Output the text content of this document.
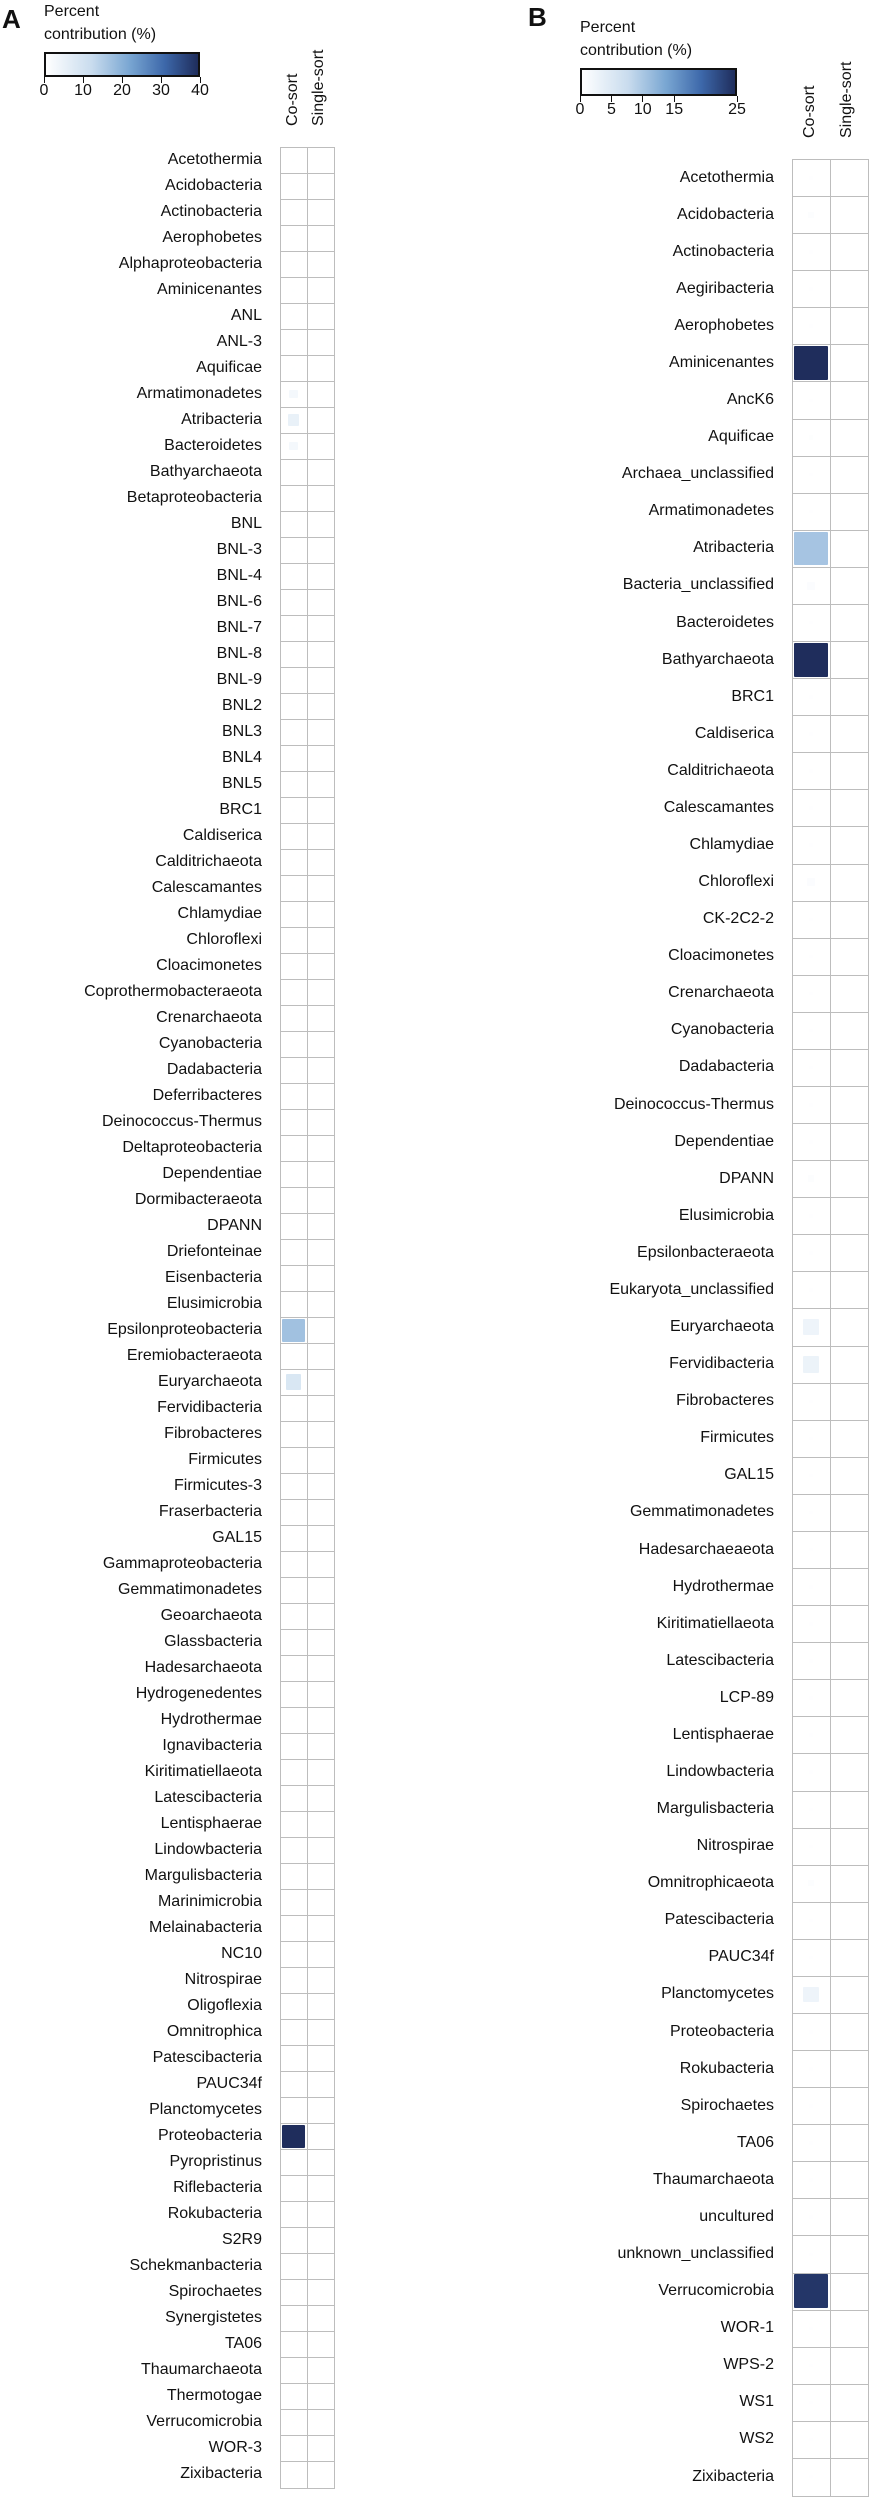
A Percent
contribution (%)
0 10 20 30 40
B Percent
contribution (%)
0 5 10 15	25
Co-sort Single-sort	Co-sort Single-sort
Acetothermia
Acidobacteria
Actinobacteria
Aerophobetes
Alphaproteobacteria
Aminicenantes
ANL
ANL-3
Aquificae
Armatimonadetes
Atribacteria
Bacteroidetes
Bathyarchaeota
Betaproteobacteria
BNL
BNL-3
BNL-4
BNL-6
BNL-7
BNL-8
BNL-9
BNL2
BNL3
BNL4
BNL5
BRC1
Caldiserica
Calditrichaeota
Calescamantes
Chlamydiae
Chloroflexi
Cloacimonetes
Coprothermobacteraeota
Crenarchaeota
Cyanobacteria
Dadabacteria
Deferribacteres
Deinococcus-Thermus
Deltaproteobacteria
Dependentiae
Dormibacteraeota
DPANN
Driefonteinae
Eisenbacteria
Elusimicrobia
Epsilonproteobacteria
Eremiobacteraeota
Euryarchaeota
Fervidibacteria
Fibrobacteres
Firmicutes
Firmicutes-3
Fraserbacteria
GAL15
Gammaproteobacteria
Gemmatimonadetes
Geoarchaeota
Glassbacteria
Hadesarchaeota
Hydrogenedentes
Hydrothermae
Ignavibacteria
Kiritimatiellaeota
Latescibacteria
Lentisphaerae
Lindowbacteria
Margulisbacteria
Marinimicrobia
Melainabacteria
NC10
Nitrospirae
Oligoflexia
Omnitrophica
Patescibacteria
PAUC34f
Planctomycetes
Proteobacteria
Pyropristinus
Riflebacteria
Rokubacteria
S2R9
Schekmanbacteria
Spirochaetes
Synergistetes
TA06
Thaumarchaeota
Thermotogae
Verrucomicrobia
WOR-3
Zixibacteria
Acetothermia
Acidobacteria
Actinobacteria
Aegiribacteria
Aerophobetes
Aminicenantes
AncK6
Aquificae
Archaea_unclassified
Armatimonadetes
Atribacteria
Bacteria_unclassified
Bacteroidetes
Bathyarchaeota
BRC1
Caldiserica
Calditrichaeota
Calescamantes
Chlamydiae
Chloroflexi
CK-2C2-2
Cloacimonetes
Crenarchaeota
Cyanobacteria
Dadabacteria
Deinococcus-Thermus
Dependentiae
DPANN
Elusimicrobia
Epsilonbacteraeota
Eukaryota_unclassified
Euryarchaeota
Fervidibacteria
Fibrobacteres
Firmicutes
GAL15
Gemmatimonadetes
Hadesarchaeaeota
Hydrothermae
Kiritimatiellaeota
Latescibacteria
LCP-89
Lentisphaerae
Lindowbacteria
Margulisbacteria
Nitrospirae
Omnitrophicaeota
Patescibacteria
PAUC34f
Planctomycetes
Proteobacteria
Rokubacteria
Spirochaetes
TA06
Thaumarchaeota
uncultured
unknown_unclassified
Verrucomicrobia
WOR-1
WPS-2
WS1
WS2
Zixibacteria
